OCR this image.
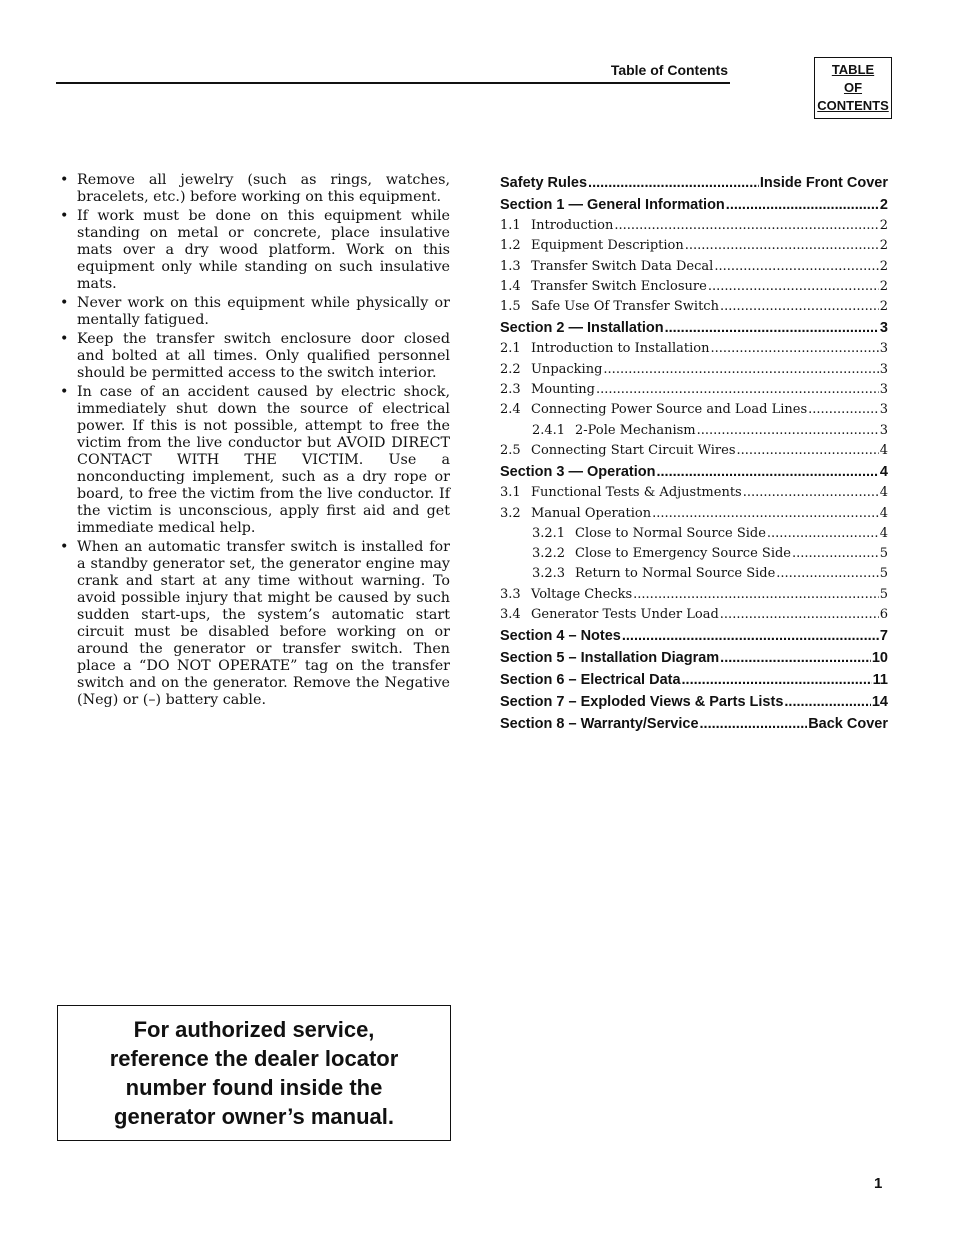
Table of Contents	TABLE
OF
CONTENTS
• Remove all jewelry (such as rings, watches, bracelets, etc.) before working on this equipment.
• If work must be done on this equipment while standing on metal or concrete, place insulative mats over a dry wood platform. Work on this equipment only while standing on such insulative mats.
• Never work on this equipment while physically or mentally fatigued.
• Keep the transfer switch enclosure door closed and bolted at all times. Only qualified personnel should be permitted access to the switch interior.
• In case of an accident caused by electric shock, immediately shut down the source of electrical power. If this is not possible, attempt to free the victim from the live conductor but AVOID DIRECT CONTACT WITH THE VICTIM. Use a nonconducting implement, such as a dry rope or board, to free the victim from the live conductor. If the victim is unconscious, apply first aid and get immediate medical help.
• When an automatic transfer switch is installed for a standby generator set, the generator engine may crank and start at any time without warning. To avoid possible injury that might be caused by such sudden start-ups, the system’s automatic start circuit must be disabled before working on or around the generator or transfer switch. Then place a “DO NOT OPERATE” tag on the transfer switch and on the generator. Remove the Negative (Neg) or (–) battery cable.
Safety Rules .....	Inside Front Cover
Section 1 — General Information .....	2
1.1 Introduction .....	2
1.2 Equipment Description .....	2
1.3 Transfer Switch Data Decal .....	2
1.4 Transfer Switch Enclosure .....	2
1.5 Safe Use Of Transfer Switch .....	2
Section 2 — Installation .....	3
2.1 Introduction to Installation .....	3
2.2 Unpacking .....	3
2.3 Mounting .....	3
2.4 Connecting Power Source and Load Lines .....	3
2.4.1 2-Pole Mechanism .....	3
2.5 Connecting Start Circuit Wires .....	4
Section 3 — Operation .....	4
3.1 Functional Tests & Adjustments .....	4
3.2 Manual Operation .....	4
3.2.1 Close to Normal Source Side .....	4
3.2.2 Close to Emergency Source Side .....	5
3.2.3 Return to Normal Source Side .....	5
3.3 Voltage Checks .....	5
3.4 Generator Tests Under Load .....	6
Section 4 – Notes .....	7
Section 5 – Installation Diagram .....	10
Section 6 – Electrical Data .....	11
Section 7 – Exploded Views & Parts Lists .....	14
Section 8 – Warranty/Service .....	Back Cover
For authorized service, reference the dealer locator number found inside the generator owner’s manual.
1
